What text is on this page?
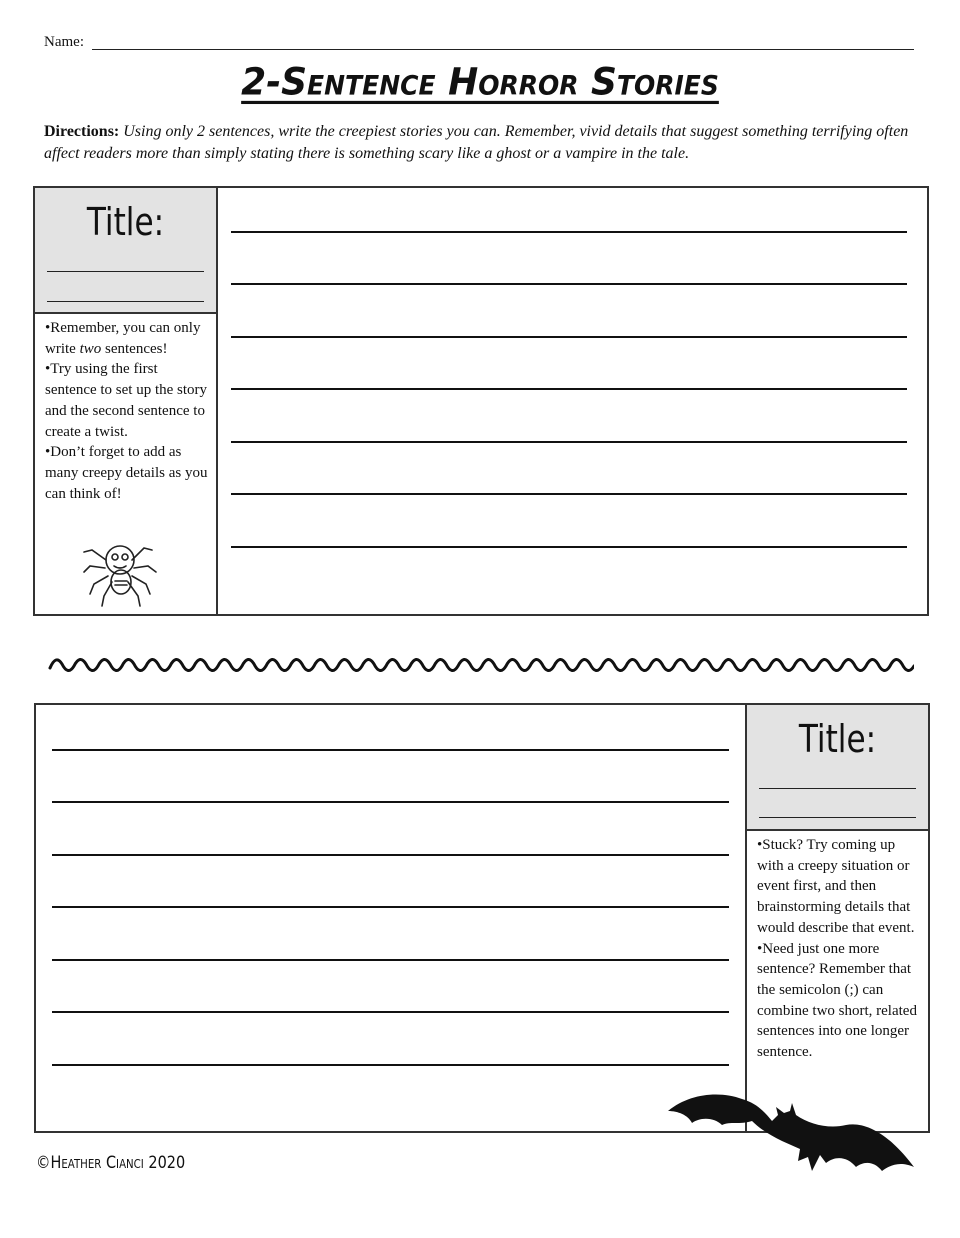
Name:
2-Sentence Horror Stories
Directions: Using only 2 sentences, write the creepiest stories you can. Remember, vivid details that suggest something terrifying often affect readers more than simply stating there is something scary like a ghost or a vampire in the tale.
Title:

•Remember, you can only write two sentences!

•Try using the first sentence to set up the story and the second sentence to create a twist.

•Don’t forget to add as many creepy details as you can think of!

Title:

•Stuck? Try coming up with a creepy situation or event first, and then brainstorming details that would describe that event.

•Need just one more sentence? Remember that the semicolon (;) can combine two short, related sentences into one longer sentence.

©Heather Cianci 2020
